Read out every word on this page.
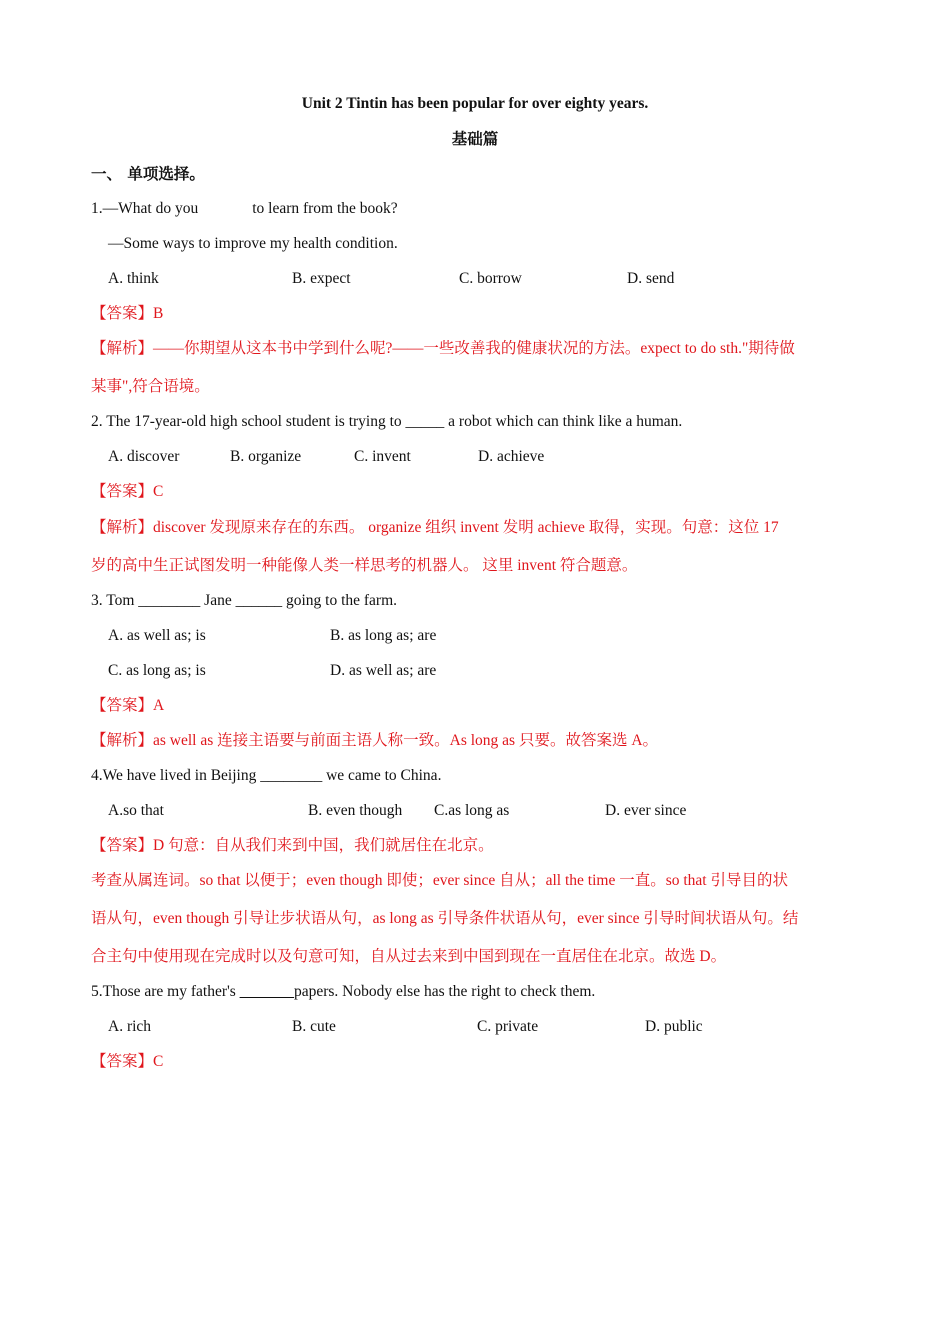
Unit 2 Tintin has been popular for over eighty years.
基础篇
一、 单项选择。
1.—What do you	to learn from the book?
—Some ways to improve my health condition.
A. think	B. expect	C. borrow	D. send
【答案】B
【解析】——你期望从这本书中学到什么呢?——一些改善我的健康状况的方法。expect to do sth."期待做
某事",符合语境。
2. The 17-year-old high school student is trying to _____ a robot which can think like a human.
A. discover	B. organize	C. invent	D. achieve
【答案】C
【解析】discover 发现原来存在的东西。 organize 组织 invent 发明 achieve 取得，实现。句意：这位 17
岁的高中生正试图发明一种能像人类一样思考的机器人。 这里 invent 符合题意。
3. Tom ________ Jane ______ going to the farm.
A. as well as; is	B. as long as; are
C. as long as; is	D. as well as; are
【答案】A
【解析】as well as 连接主语要与前面主语人称一致。As long as 只要。故答案选 A。
4.We have lived in Beijing ________ we came to China.
A.so that	B. even though C.as long as	D. ever since
【答案】D 句意：自从我们来到中国，我们就居住在北京。
考查从属连词。so that 以便于；even though 即使；ever since 自从；all the time 一直。so that 引导目的状
语从句，even though 引导让步状语从句，as long as 引导条件状语从句，ever since 引导时间状语从句。结
合主句中使用现在完成时以及句意可知，自从过去来到中国到现在一直居住在北京。故选 D。
5.Those are my father's _______papers. Nobody else has the right to check them.
A. rich	B. cute	C. private	D. public
【答案】C
